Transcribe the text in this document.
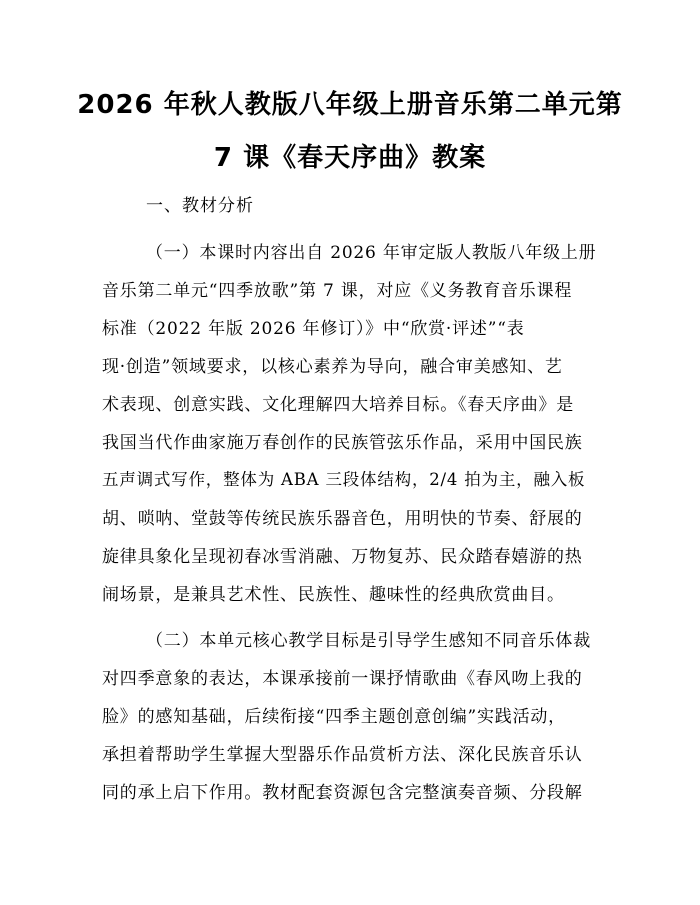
2026 年秋人教版八年级上册音乐第二单元第
7 课《春天序曲》教案
一、教材分析
（一）本课时内容出自 2026 年审定版人教版八年级上册
音乐第二单元“四季放歌”第 7 课，对应《义务教育音乐课程
标准（2022 年版 2026 年修订）》中“欣赏·评述”“表
现·创造”领域要求，以核心素养为导向，融合审美感知、艺
术表现、创意实践、文化理解四大培养目标。《春天序曲》是
我国当代作曲家施万春创作的民族管弦乐作品，采用中国民族
五声调式写作，整体为 ABA 三段体结构，2/4 拍为主，融入板
胡、唢呐、堂鼓等传统民族乐器音色，用明快的节奏、舒展的
旋律具象化呈现初春冰雪消融、万物复苏、民众踏春嬉游的热
闹场景，是兼具艺术性、民族性、趣味性的经典欣赏曲目。
（二）本单元核心教学目标是引导学生感知不同音乐体裁
对四季意象的表达，本课承接前一课抒情歌曲《春风吻上我的
脸》的感知基础，后续衔接“四季主题创意创编”实践活动，
承担着帮助学生掌握大型器乐作品赏析方法、深化民族音乐认
同的承上启下作用。教材配套资源包含完整演奏音频、分段解
